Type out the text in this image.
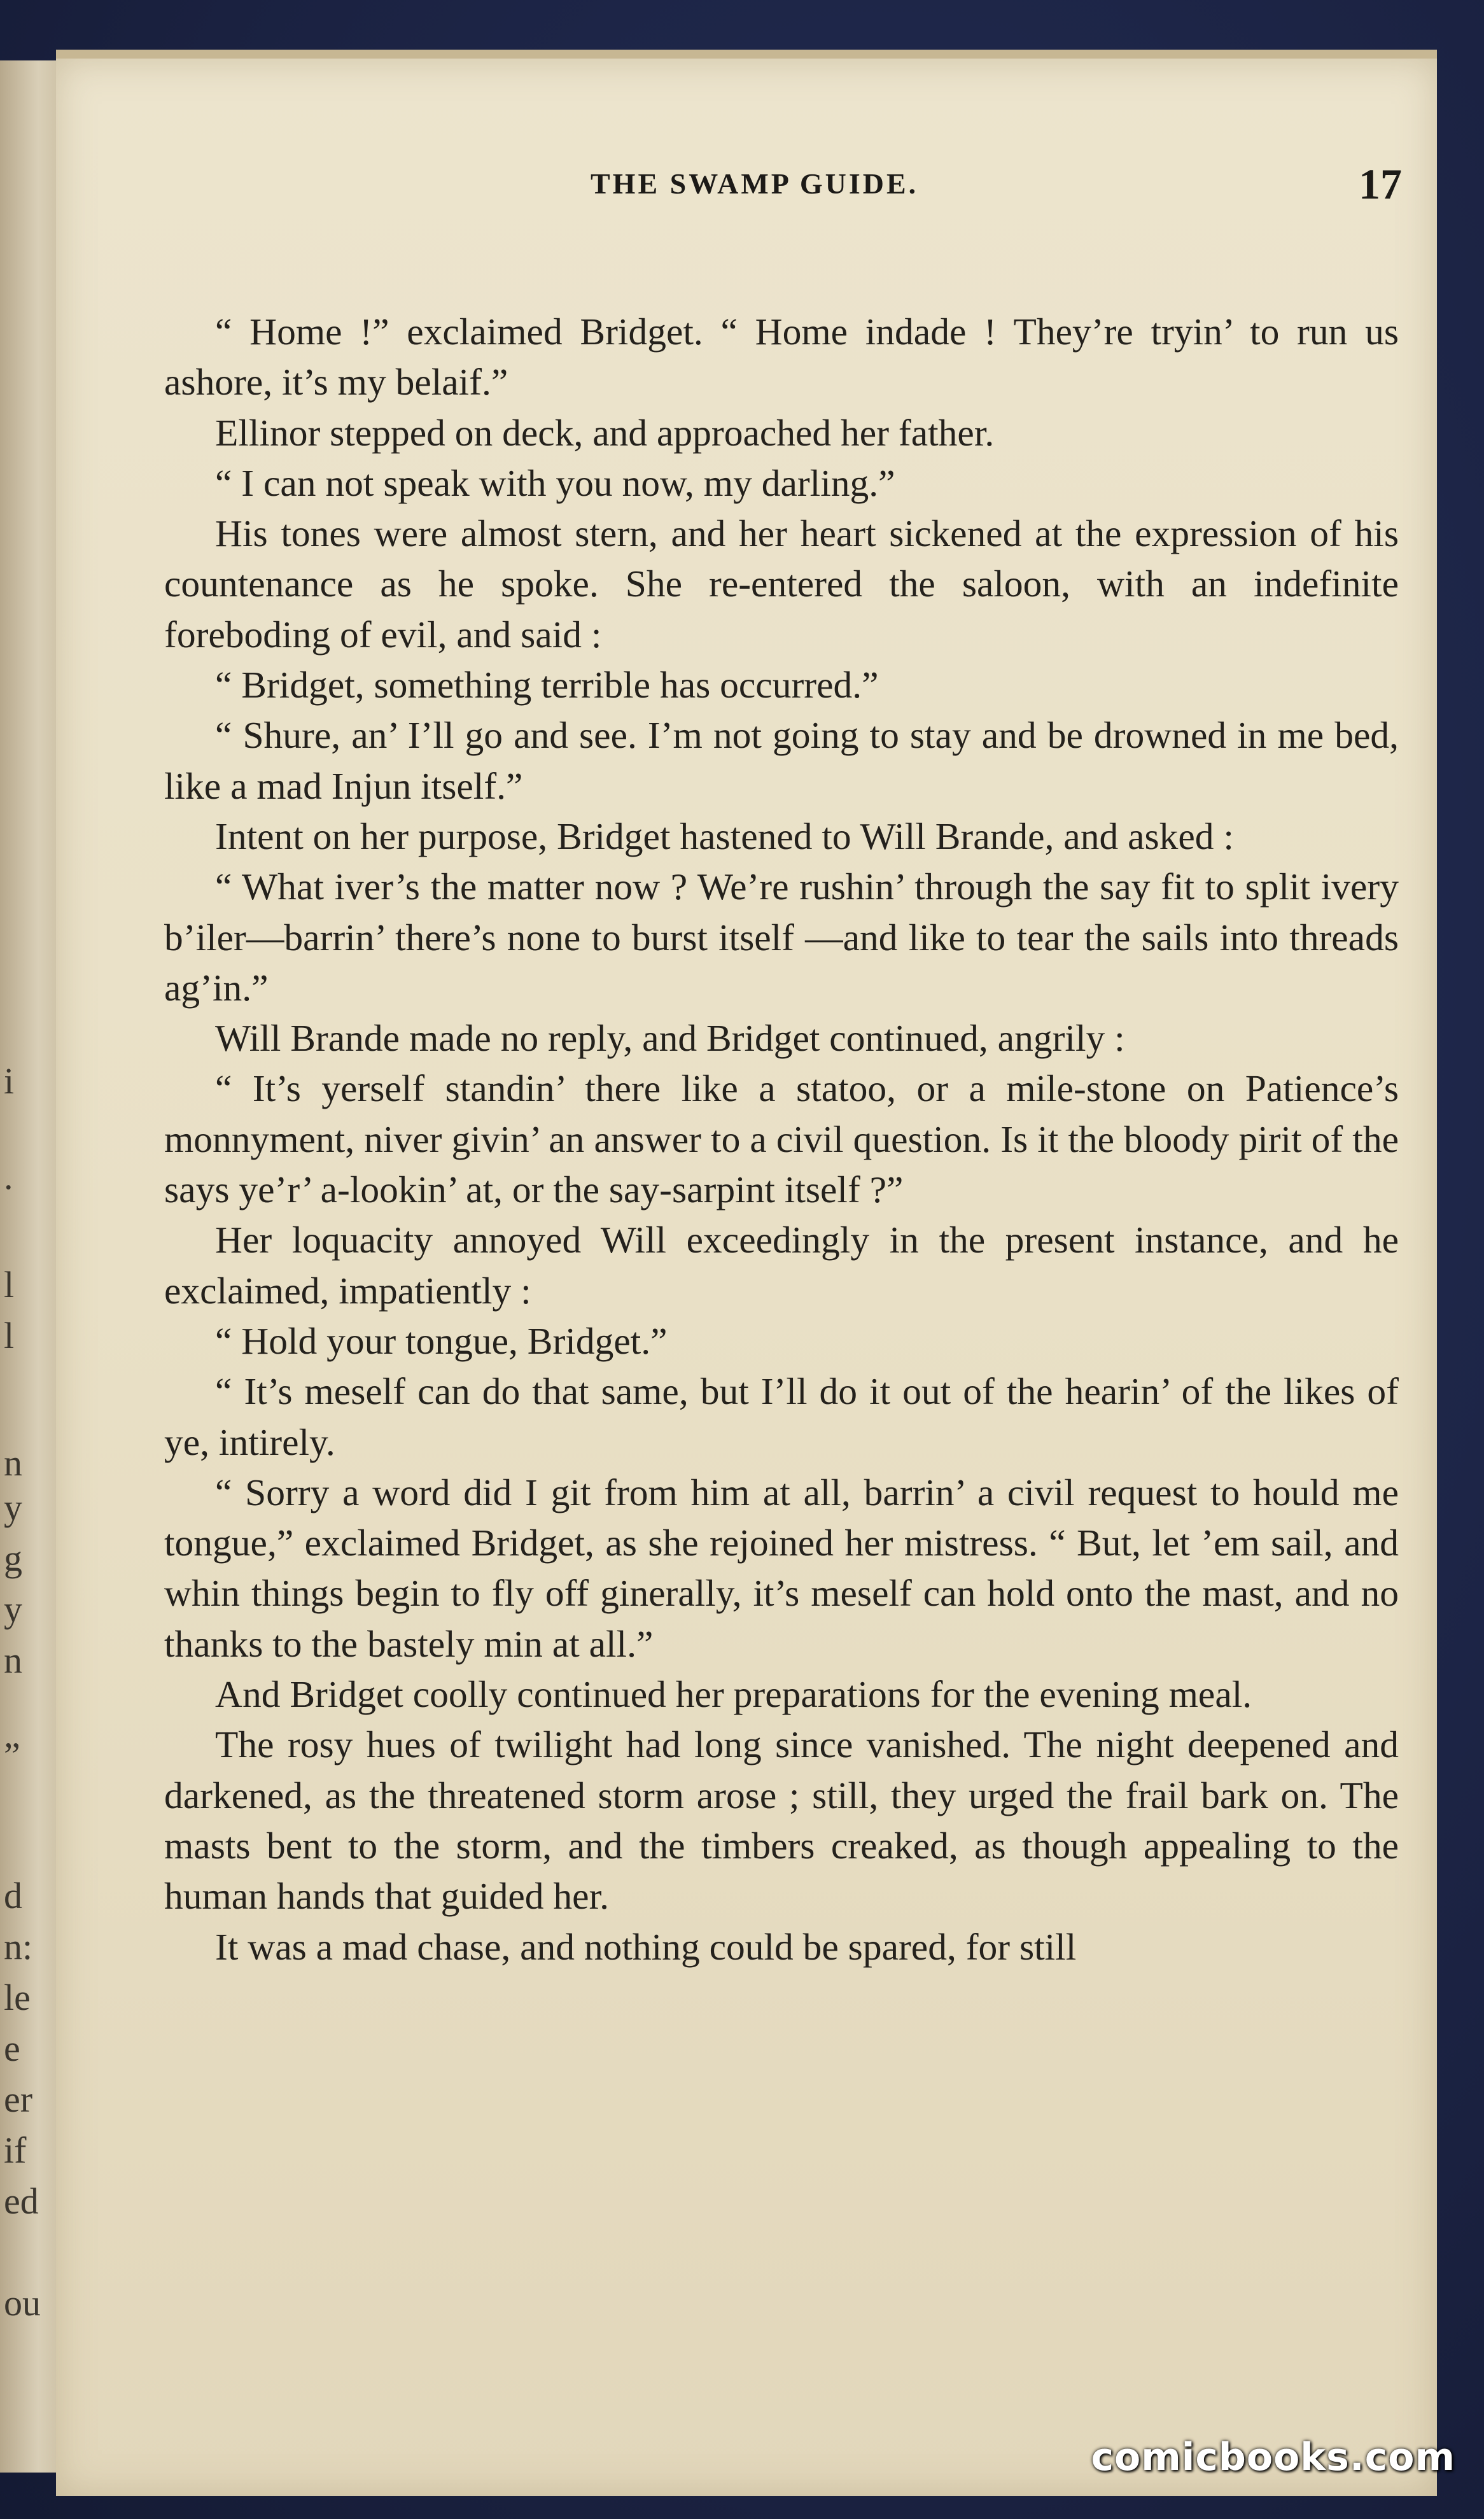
i
.
l
l
n
y
g
y
n
”
d
n:
le
e
er
if
ed
ou
THE SWAMP GUIDE.	17

“ Home !” exclaimed Bridget. “ Home indade ! They’re tryin’ to run us ashore, it’s my belaif.”

Ellinor stepped on deck, and approached her father.

“ I can not speak with you now, my darling.”

His tones were almost stern, and her heart sickened at the expression of his countenance as he spoke. She re-entered the saloon, with an indefinite foreboding of evil, and said :

“ Bridget, something terrible has occurred.”

“ Shure, an’ I’ll go and see. I’m not going to stay and be drowned in me bed, like a mad Injun itself.”

Intent on her purpose, Bridget hastened to Will Brande, and asked :

“ What iver’s the matter now ? We’re rushin’ through the say fit to split ivery b’iler—barrin’ there’s none to burst itself —and like to tear the sails into threads ag’in.”

Will Brande made no reply, and Bridget continued, angrily :

“ It’s yerself standin’ there like a statoo, or a mile-stone on Patience’s monnyment, niver givin’ an answer to a civil question. Is it the bloody pirit of the says ye’r’ a-lookin’ at, or the say-sarpint itself ?”

Her loquacity annoyed Will exceedingly in the present instance, and he exclaimed, impatiently :

“ Hold your tongue, Bridget.”

“ It’s meself can do that same, but I’ll do it out of the hearin’ of the likes of ye, intirely.

“ Sorry a word did I git from him at all, barrin’ a civil request to hould me tongue,” exclaimed Bridget, as she rejoined her mistress. “ But, let ’em sail, and whin things begin to fly off ginerally, it’s meself can hold onto the mast, and no thanks to the bastely min at all.”

And Bridget coolly continued her preparations for the evening meal.

The rosy hues of twilight had long since vanished. The night deepened and darkened, as the threatened storm arose ; still, they urged the frail bark on. The masts bent to the storm, and the timbers creaked, as though appealing to the human hands that guided her.

It was a mad chase, and nothing could be spared, for still

comicbooks.com
